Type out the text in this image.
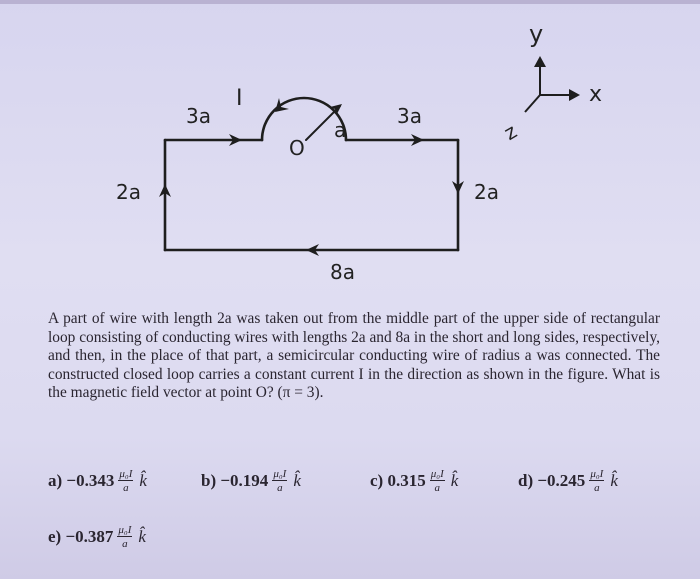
3a
I
O
a
3a
2a	2a
8a
y
x
z
A part of wire with length 2a was taken out from the middle part of the upper side of rectangular loop consisting of conducting wires with lengths 2a and 8a in the short and long sides, respectively, and then, in the place of that part, a semicircular conducting wire of radius a was connected. The constructed closed loop carries a constant current I in the direction as shown in the figure. What is the magnetic field vector at point O? (π = 3).
a)
$-0.343 \frac{\text{μ₀I}}{a}$ k̂	b)
$-0.194 \frac{\text{μ₀I}}{a}$ k̂	c)
$0.315 \frac{\text{μ₀I}}{a}$ k̂	d)
$-0.245 \frac{\text{μ₀I}}{a}$ k̂
e)
$-0.387 \frac{\text{μ₀I}}{a}$ k̂
